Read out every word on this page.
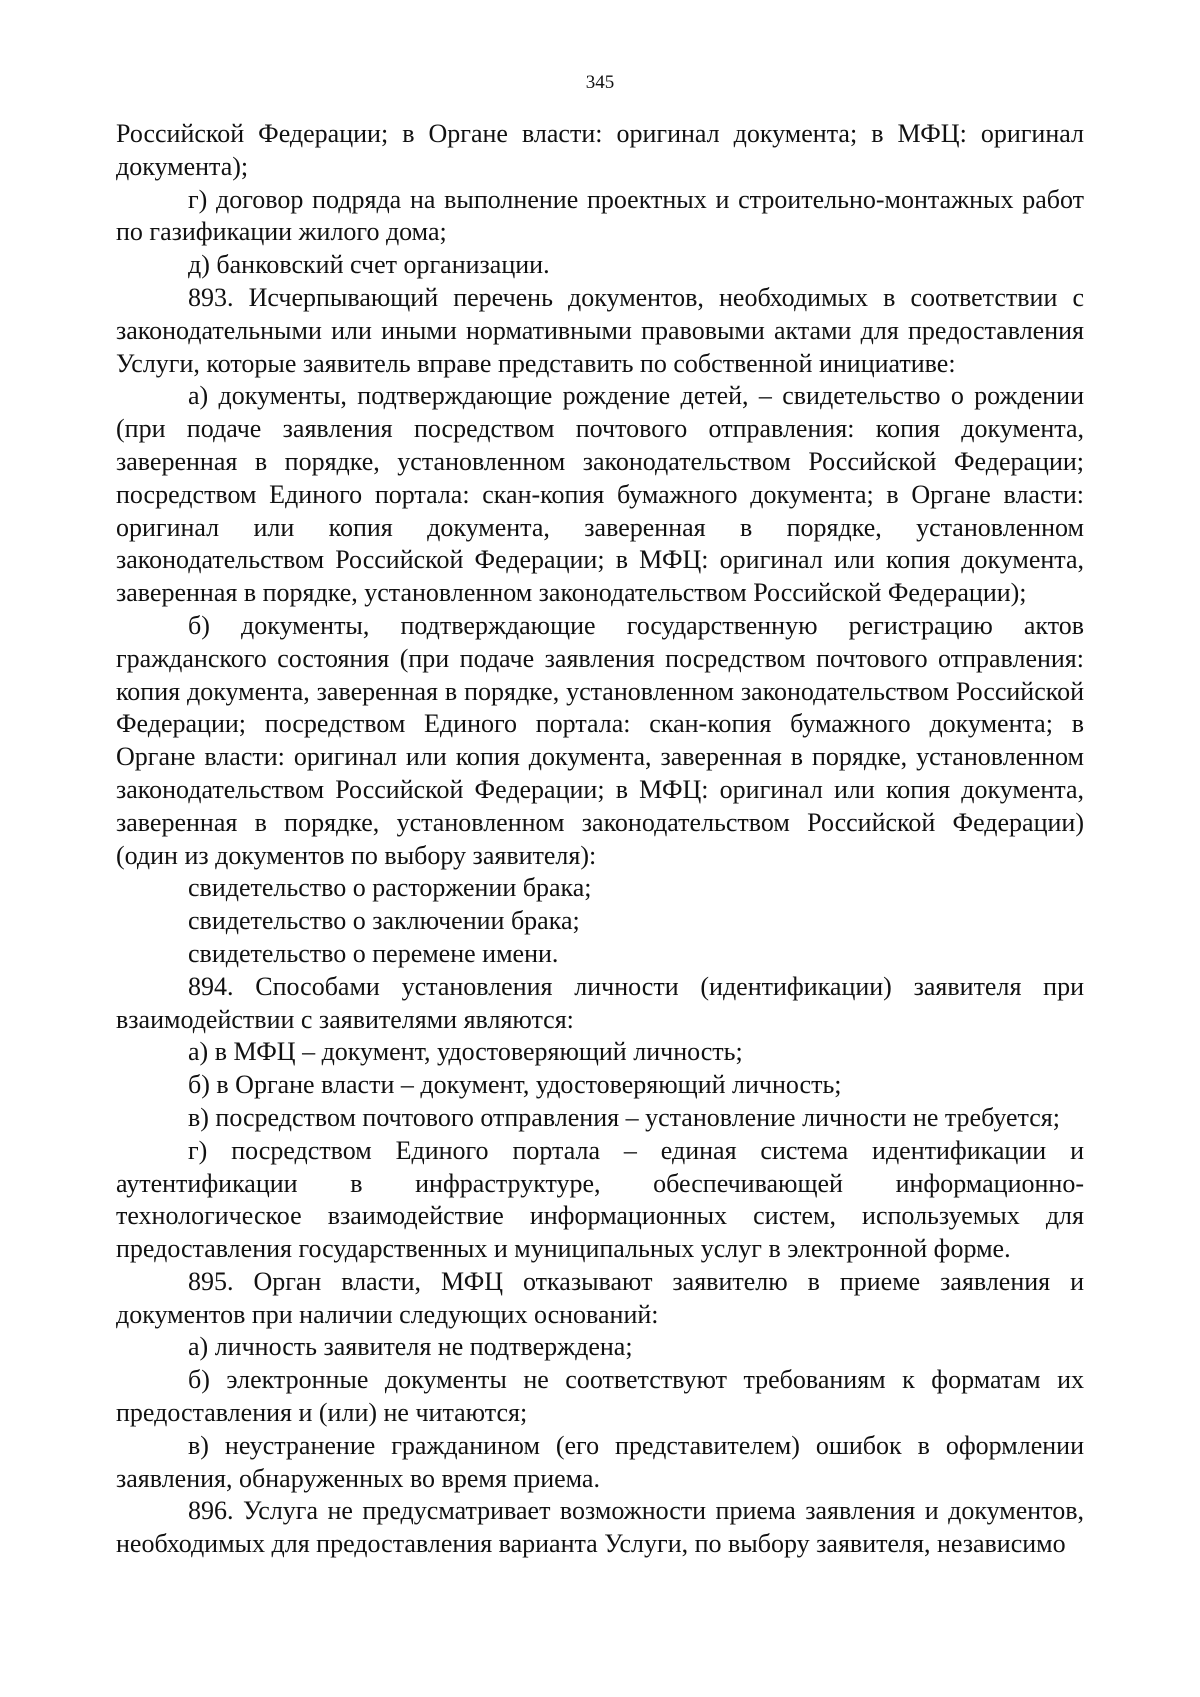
345

Российской Федерации; в Органе власти: оригинал документа; в МФЦ: оригинал документа);

г) договор подряда на выполнение проектных и строительно-монтажных работ по газификации жилого дома;

д) банковский счет организации.

893. Исчерпывающий перечень документов, необходимых в соответствии с законодательными или иными нормативными правовыми актами для предоставления Услуги, которые заявитель вправе представить по собственной инициативе:

а) документы, подтверждающие рождение детей, – свидетельство о рождении (при подаче заявления посредством почтового отправления: копия документа, заверенная в порядке, установленном законодательством Российской Федерации; посредством Единого портала: скан-копия бумажного документа; в Органе власти: оригинал или копия документа, заверенная в порядке, установленном законодательством Российской Федерации; в МФЦ: оригинал или копия документа, заверенная в порядке, установленном законодательством Российской Федерации);

б) документы, подтверждающие государственную регистрацию актов гражданского состояния (при подаче заявления посредством почтового отправления: копия документа, заверенная в порядке, установленном законодательством Российской Федерации; посредством Единого портала: скан-копия бумажного документа; в Органе власти: оригинал или копия документа, заверенная в порядке, установленном законодательством Российской Федерации; в МФЦ: оригинал или копия документа, заверенная в порядке, установленном законодательством Российской Федерации) (один из документов по выбору заявителя):

свидетельство о расторжении брака;

свидетельство о заключении брака;

свидетельство о перемене имени.

894. Способами установления личности (идентификации) заявителя при взаимодействии с заявителями являются:

а) в МФЦ – документ, удостоверяющий личность;

б) в Органе власти – документ, удостоверяющий личность;

в) посредством почтового отправления – установление личности не требуется;

г) посредством Единого портала – единая система идентификации и аутентификации в инфраструктуре, обеспечивающей информационно-технологическое взаимодействие информационных систем, используемых для предоставления государственных и муниципальных услуг в электронной форме.

895. Орган власти, МФЦ отказывают заявителю в приеме заявления и документов при наличии следующих оснований:

а) личность заявителя не подтверждена;

б) электронные документы не соответствуют требованиям к форматам их предоставления и (или) не читаются;

в) неустранение гражданином (его представителем) ошибок в оформлении заявления, обнаруженных во время приема.

896. Услуга не предусматривает возможности приема заявления и документов, необходимых для предоставления варианта Услуги, по выбору заявителя, независимо
